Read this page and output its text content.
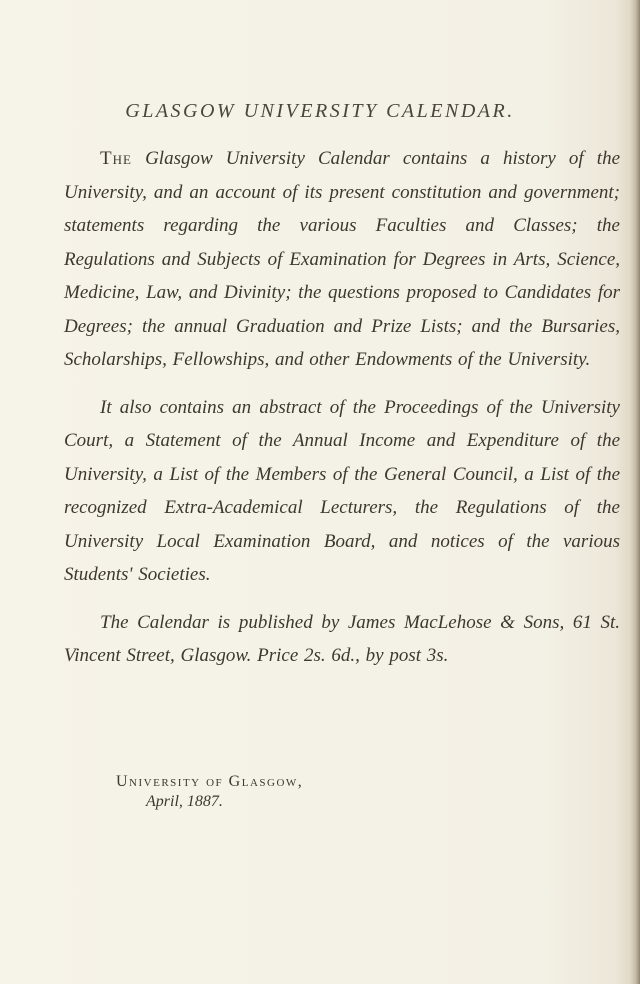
GLASGOW UNIVERSITY CALENDAR.

The Glasgow University Calendar contains a history of the University, and an account of its present constitution and government; statements regarding the various Faculties and Classes; the Regulations and Subjects of Examination for Degrees in Arts, Science, Medicine, Law, and Divinity; the questions proposed to Candidates for Degrees; the annual Graduation and Prize Lists; and the Bursaries, Scholarships, Fellowships, and other Endowments of the University.

It also contains an abstract of the Proceedings of the University Court, a Statement of the Annual Income and Expenditure of the University, a List of the Members of the General Council, a List of the recognized Extra-Academical Lecturers, the Regulations of the University Local Examination Board, and notices of the various Students' Societies.

The Calendar is published by James MacLehose & Sons, 61 St. Vincent Street, Glasgow. Price 2s. 6d., by post 3s.

University of Glasgow,
April, 1887.
